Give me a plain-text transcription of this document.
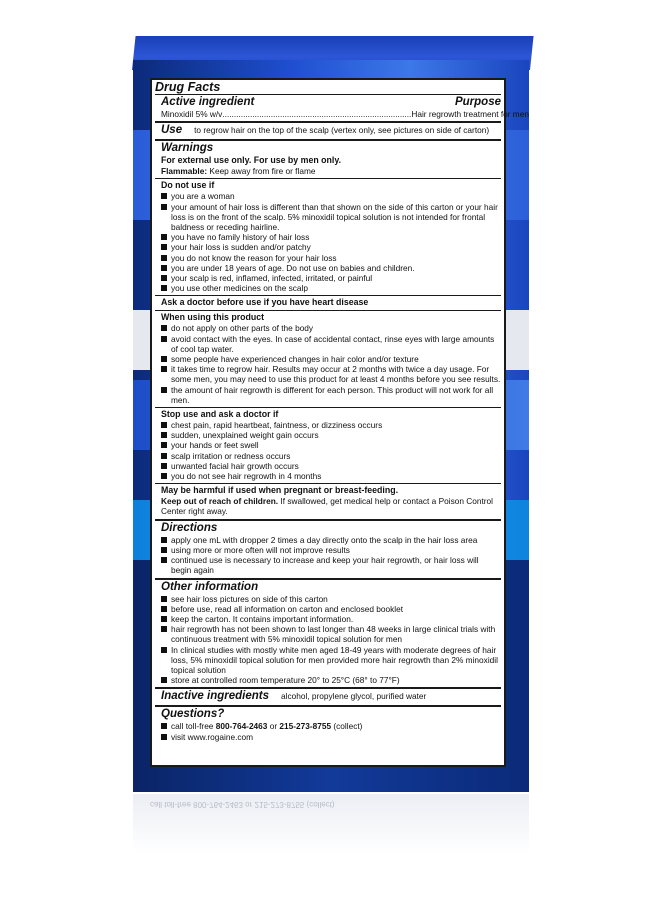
call toll-free 800-764-2463 or 215-273-8755 (collect)
Drug Facts
Active ingredient	Purpose
Minoxidil 5% w/v .................................................................................. Hair regrowth treatment for men
Use to regrow hair on the top of the scalp (vertex only, see pictures on side of carton)
Warnings
For external use only. For use by men only.
Flammable: Keep away from fire or flame
Do not use if
you are a woman
your amount of hair loss is different than that shown on the side of this carton or your hair loss is on the front of the scalp. 5% minoxidil topical solution is not intended for frontal baldness or receding hairline.
you have no family history of hair loss
your hair loss is sudden and/or patchy
you do not know the reason for your hair loss
you are under 18 years of age. Do not use on babies and children.
your scalp is red, inflamed, infected, irritated, or painful
you use other medicines on the scalp
Ask a doctor before use if you have heart disease
When using this product
do not apply on other parts of the body
avoid contact with the eyes. In case of accidental contact, rinse eyes with large amounts of cool tap water.
some people have experienced changes in hair color and/or texture
it takes time to regrow hair. Results may occur at 2 months with twice a day usage. For some men, you may need to use this product for at least 4 months before you see results.
the amount of hair regrowth is different for each person. This product will not work for all men.
Stop use and ask a doctor if
chest pain, rapid heartbeat, faintness, or dizziness occurs
sudden, unexplained weight gain occurs
your hands or feet swell
scalp irritation or redness occurs
unwanted facial hair growth occurs
you do not see hair regrowth in 4 months
May be harmful if used when pregnant or breast-feeding.
Keep out of reach of children. If swallowed, get medical help or contact a Poison Control Center right away.
Directions
apply one mL with dropper 2 times a day directly onto the scalp in the hair loss area
using more or more often will not improve results
continued use is necessary to increase and keep your hair regrowth, or hair loss will begin again
Other information
see hair loss pictures on side of this carton
before use, read all information on carton and enclosed booklet
keep the carton. It contains important information.
hair regrowth has not been shown to last longer than 48 weeks in large clinical trials with continuous treatment with 5% minoxidil topical solution for men
In clinical studies with mostly white men aged 18-49 years with moderate degrees of hair loss, 5% minoxidil topical solution for men provided more hair regrowth than 2% minoxidil topical solution
store at controlled room temperature 20° to 25°C (68° to 77°F)
Inactive ingredients alcohol, propylene glycol, purified water
Questions?
call toll-free 800-764-2463 or 215-273-8755 (collect)
visit www.rogaine.com
